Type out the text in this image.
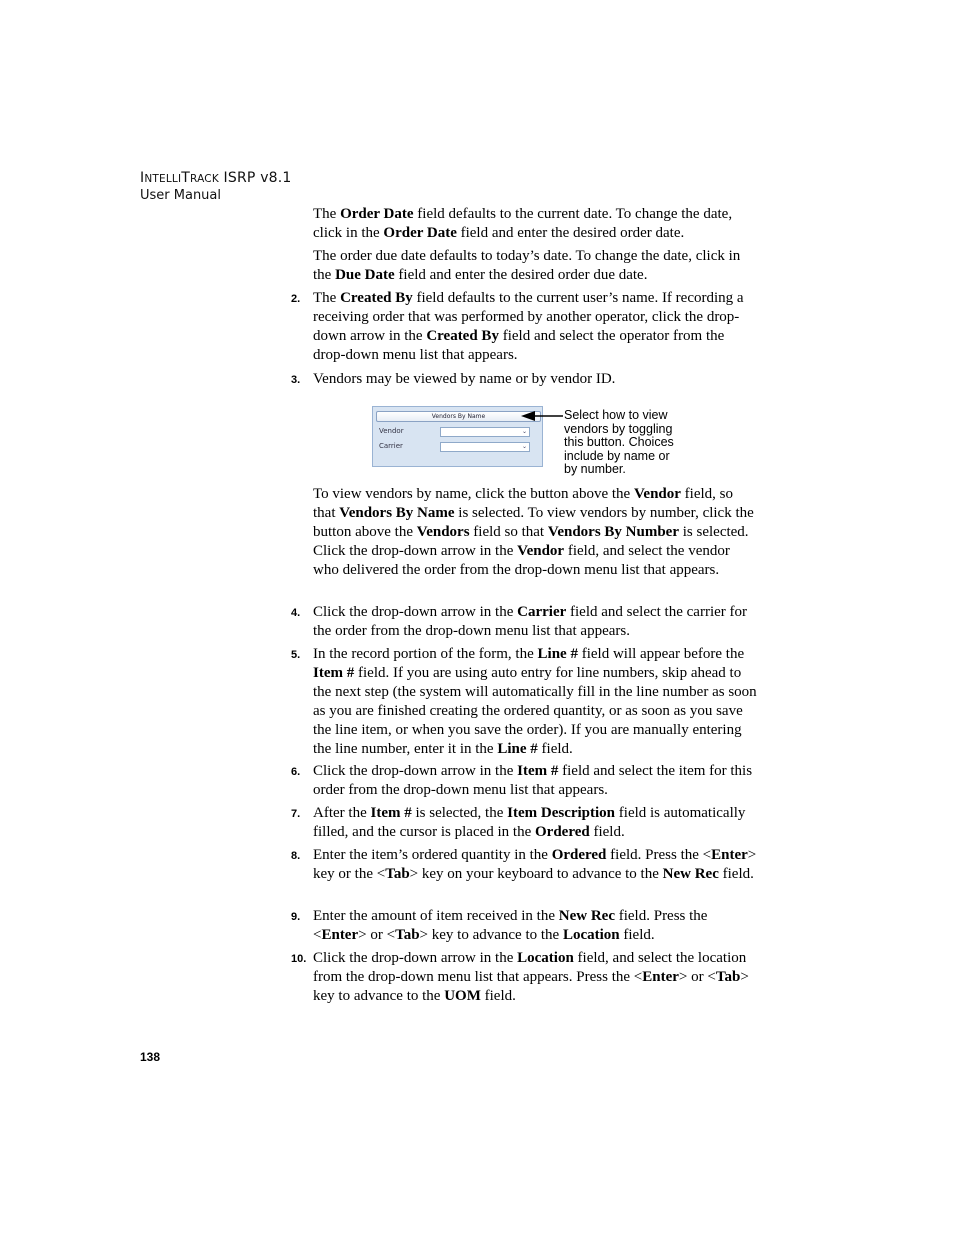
INTELLITRACK ISRP v8.1
User Manual

The Order Date field defaults to the current date. To change the date, click in the Order Date field and enter the desired order date.

The order due date defaults to today’s date. To change the date, click in the Due Date field and enter the desired order due date.

2. The Created By field defaults to the current user’s name. If recording a receiving order that was performed by another operator, click the drop-down arrow in the Created By field and select the operator from the drop-down menu list that appears.

3. Vendors may be viewed by name or by vendor ID.

Vendors By Name
Vendor	⌄
Carrier	⌄
Select how to view vendors by toggling this button. Choices include by name or by number.

To view vendors by name, click the button above the Vendor field, so that Vendors By Name is selected. To view vendors by number, click the button above the Vendors field so that Vendors By Number is selected. Click the drop-down arrow in the Vendor field, and select the vendor who delivered the order from the drop-down menu list that appears.

4. Click the drop-down arrow in the Carrier field and select the carrier for the order from the drop-down menu list that appears.

5. In the record portion of the form, the Line # field will appear before the Item # field. If you are using auto entry for line numbers, skip ahead to the next step (the system will automatically fill in the line number as soon as you are finished creating the ordered quantity, or as soon as you save the line item, or when you save the order). If you are manually entering the line number, enter it in the Line # field.

6. Click the drop-down arrow in the Item # field and select the item for this order from the drop-down menu list that appears.

7. After the Item # is selected, the Item Description field is automatically filled, and the cursor is placed in the Ordered field.

8. Enter the item’s ordered quantity in the Ordered field. Press the <Enter> key or the <Tab> key on your keyboard to advance to the New Rec field.

9. Enter the amount of item received in the New Rec field. Press the <Enter> or <Tab> key to advance to the Location field.

10. Click the drop-down arrow in the Location field, and select the location from the drop-down menu list that appears. Press the <Enter> or <Tab> key to advance to the UOM field.

138
